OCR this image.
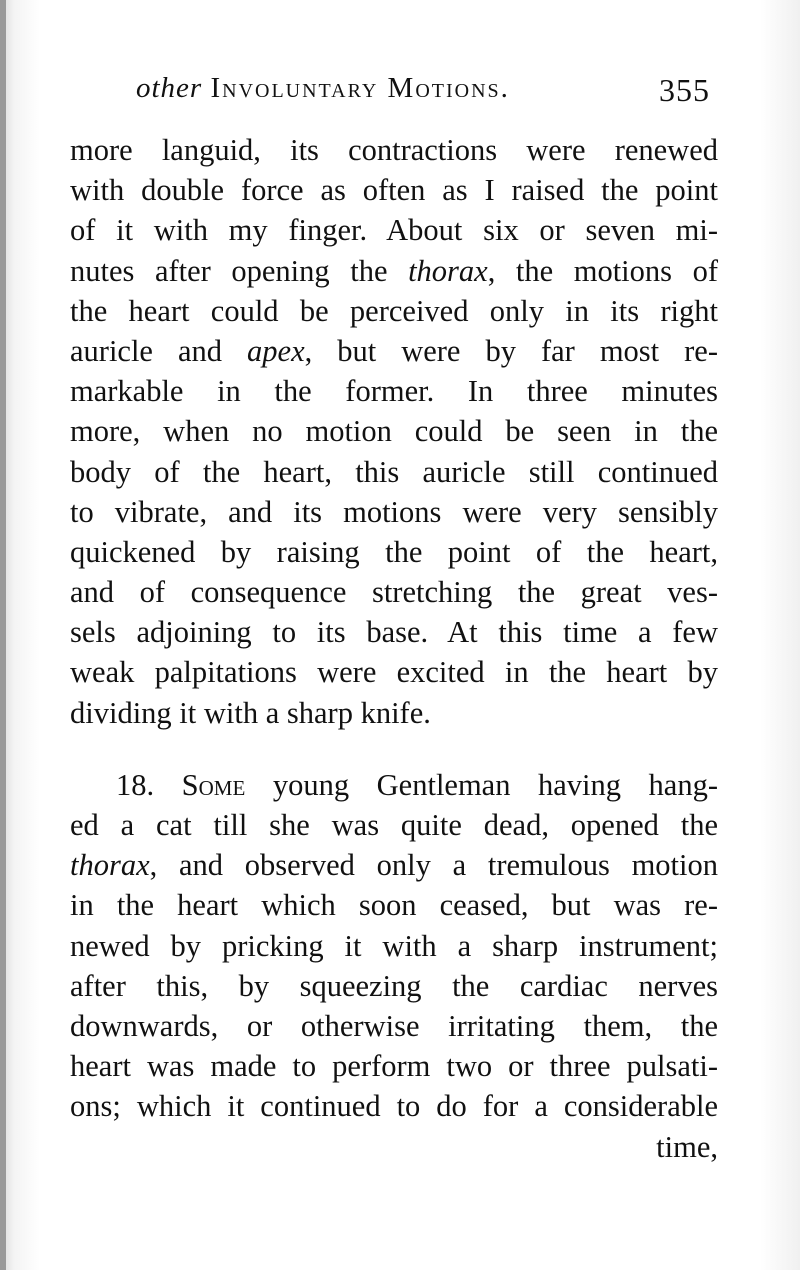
other Involuntary Motions.	355
more languid, its contractions were renewed
with double force as often as I raised the point
of it with my finger. About six or seven mi-
nutes after opening the thorax, the motions of
the heart could be perceived only in its right
auricle and apex, but were by far most re-
markable in the former. In three minutes
more, when no motion could be seen in the
body of the heart, this auricle still continued
to vibrate, and its motions were very sensibly
quickened by raising the point of the heart,
and of consequence stretching the great ves-
sels adjoining to its base. At this time a few
weak palpitations were excited in the heart by
dividing it with a sharp knife.
18. Some young Gentleman having hang-
ed a cat till she was quite dead, opened the
thorax, and observed only a tremulous motion
in the heart which soon ceased, but was re-
newed by pricking it with a sharp instrument;
after this, by squeezing the cardiac nerves
downwards, or otherwise irritating them, the
heart was made to perform two or three pulsati-
ons; which it continued to do for a considerable
time,
